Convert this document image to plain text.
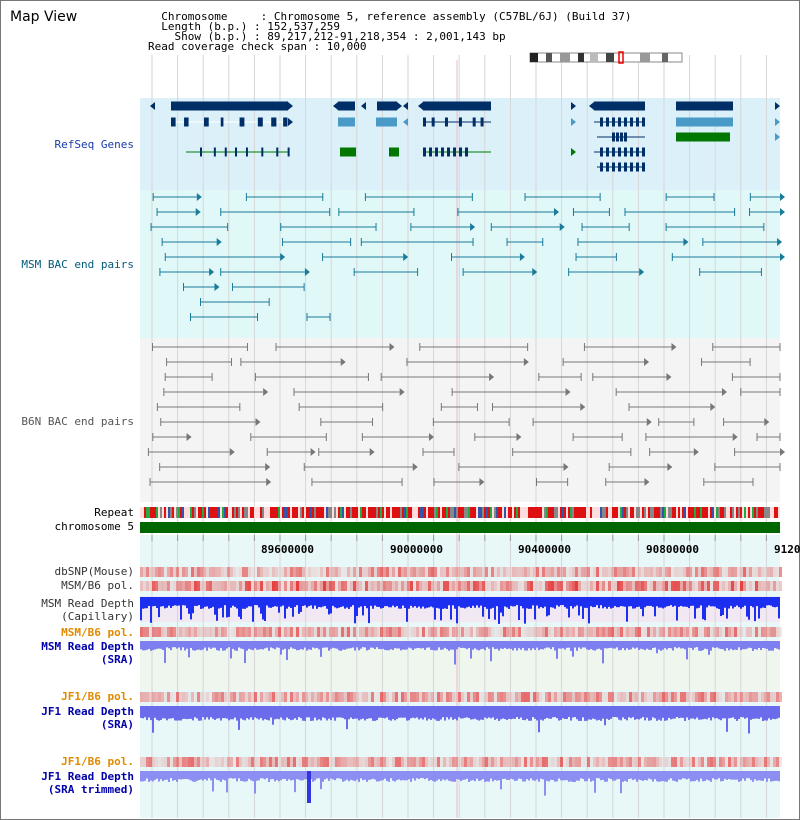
Map View	Chromosome     : Chromosome 5, reference assembly (C57BL/6J) (Build 37)
Length (b.p.) : 152,537,259
Show (b.p.) : 89,217,212-91,218,354 : 2,001,143 bp
Read coverage check span : 10,000
RefSeq Genes
MSM BAC end pairs
B6N BAC end pairs
Repeat
chromosome 5
89600000	90000000	90400000	90800000	9120
dbSNP(Mouse)
MSM/B6 pol.
MSM Read Depth
(Capillary)
MSM/B6 pol.
MSM Read Depth
(SRA)
JF1/B6 pol.
JF1 Read Depth
(SRA)
JF1/B6 pol.
JF1 Read Depth
(SRA trimmed)
